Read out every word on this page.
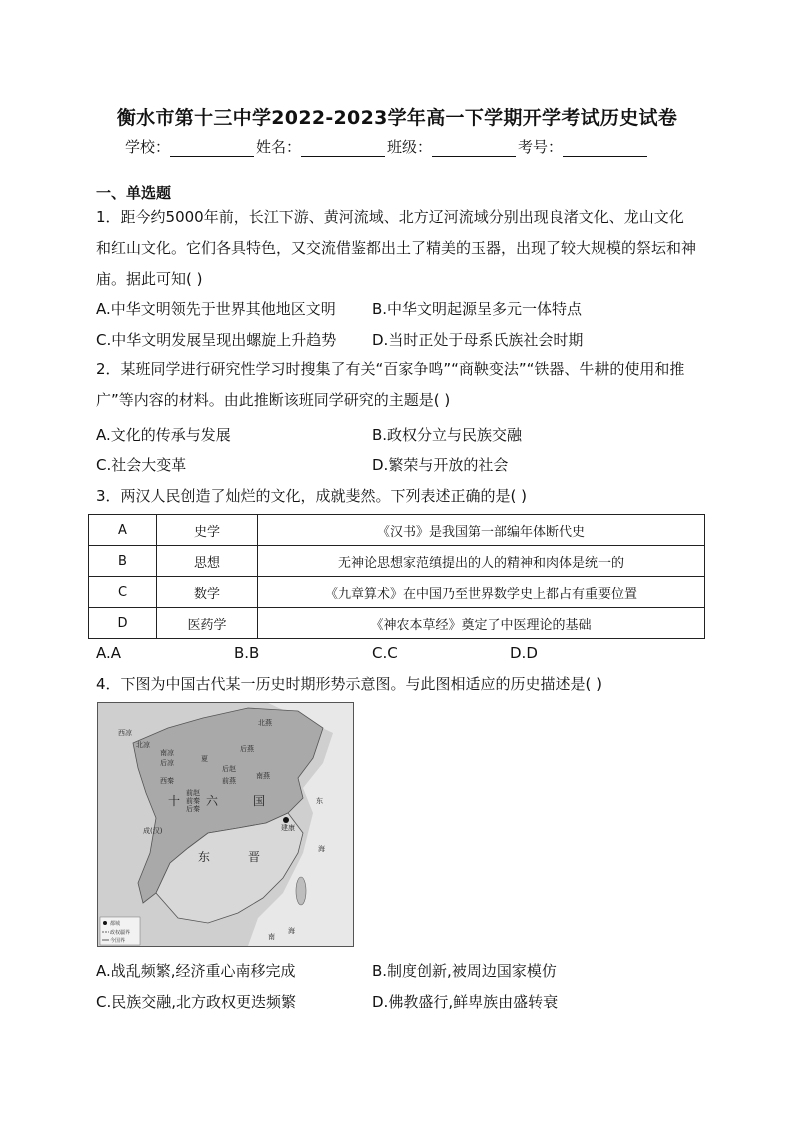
衡水市第十三中学2022-2023学年高一下学期开学考试历史试卷
学校：	姓名：	班级：	考号：
一、单选题
1．距今约5000年前，长江下游、黄河流域、北方辽河流域分别出现良渚文化、龙山文化和红山文化。它们各具特色，又交流借鉴都出土了精美的玉器，出现了较大规模的祭坛和神庙。据此可知( )
A.中华文明领先于世界其他地区文明 B.中华文明起源呈多元一体特点
C.中华文明发展呈现出螺旋上升趋势 D.当时正处于母系氏族社会时期
2．某班同学进行研究性学习时搜集了有关“百家争鸣”“商鞅变法”“铁器、牛耕的使用和推广”等内容的材料。由此推断该班同学研究的主题是( )
A.文化的传承与发展	B.政权分立与民族交融
C.社会大变革	D.繁荣与开放的社会
3．两汉人民创造了灿烂的文化，成就斐然。下列表述正确的是( )
A	史学	《汉书》是我国第一部编年体断代史
B	思想	无神论思想家范缜提出的人的精神和肉体是统一的
C	数学	《九章算术》在中国乃至世界数学史上都占有重要位置
D	医药学	《神农本草经》奠定了中医理论的基础
A.A	B.B	C.C	D.D
4．下图为中国古代某一历史时期形势示意图。与此图相适应的历史描述是( )
北燕
西凉
北凉
南凉
后凉	夏
后燕
南燕
西秦
后赵
前燕
前赵
前秦
后秦
十 六	国
建康
成(汉)
东	晋
东
海
海
南
都城
政权疆界
今国界
A.战乱频繁,经济重心南移完成	B.制度创新,被周边国家模仿
C.民族交融,北方政权更迭频繁	D.佛教盛行,鲜卑族由盛转衰
